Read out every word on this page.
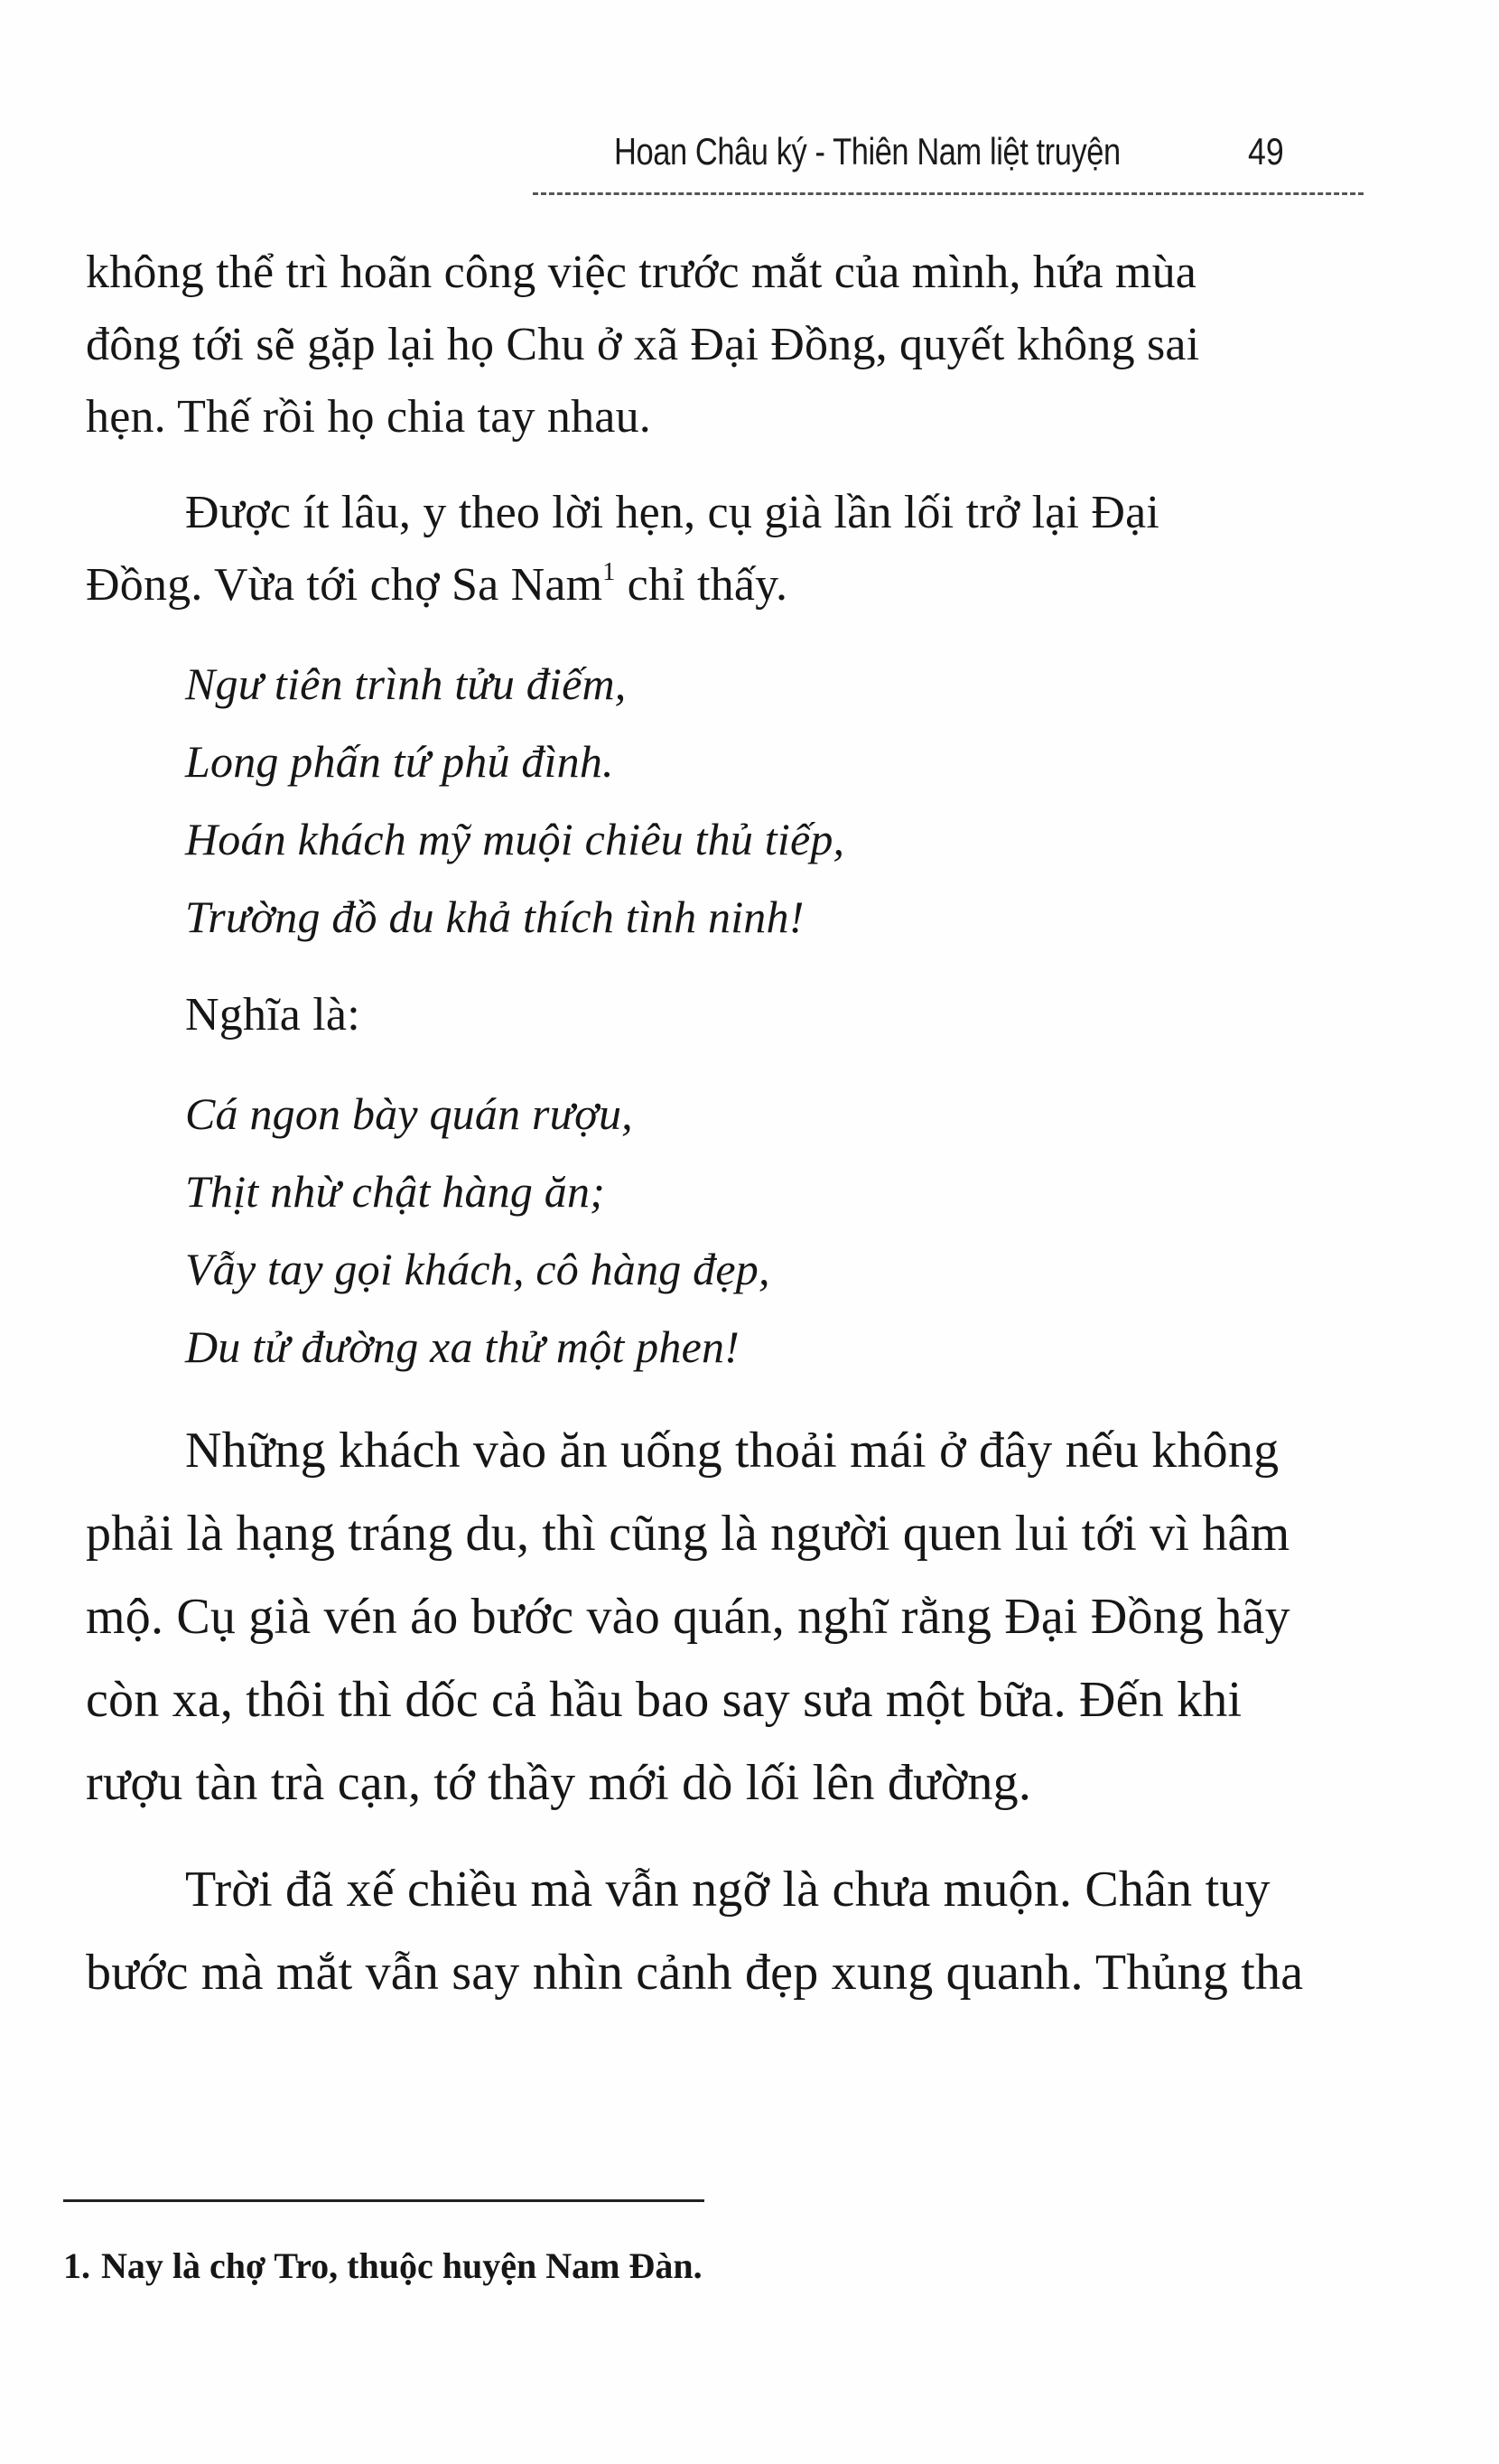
Hoan Châu ký - Thiên Nam liệt truyện	49
không thể trì hoãn công việc trước mắt của mình, hứa mùa
đông tới sẽ gặp lại họ Chu ở xã Đại Đồng, quyết không sai
hẹn. Thế rồi họ chia tay nhau.
Được ít lâu, y theo lời hẹn, cụ già lần lối trở lại Đại
Đồng. Vừa tới chợ Sa Nam$^1$ chỉ thấy.
Ngư tiên trình tửu điếm,
Long phấn tứ phủ đình.
Hoán khách mỹ muội chiêu thủ tiếp,
Trường đồ du khả thích tình ninh!
Nghĩa là:
Cá ngon bày quán rượu,
Thịt nhừ chật hàng ăn;
Vẫy tay gọi khách, cô hàng đẹp,
Du tử đường xa thử một phen!
Những khách vào ăn uống thoải mái ở đây nếu không
phải là hạng tráng du, thì cũng là người quen lui tới vì hâm
mộ. Cụ già vén áo bước vào quán, nghĩ rằng Đại Đồng hãy
còn xa, thôi thì dốc cả hầu bao say sưa một bữa. Đến khi
rượu tàn trà cạn, tớ thầy mới dò lối lên đường.
Trời đã xế chiều mà vẫn ngỡ là chưa muộn. Chân tuy
bước mà mắt vẫn say nhìn cảnh đẹp xung quanh. Thủng tha
1. Nay là chợ Tro, thuộc huyện Nam Đàn.
